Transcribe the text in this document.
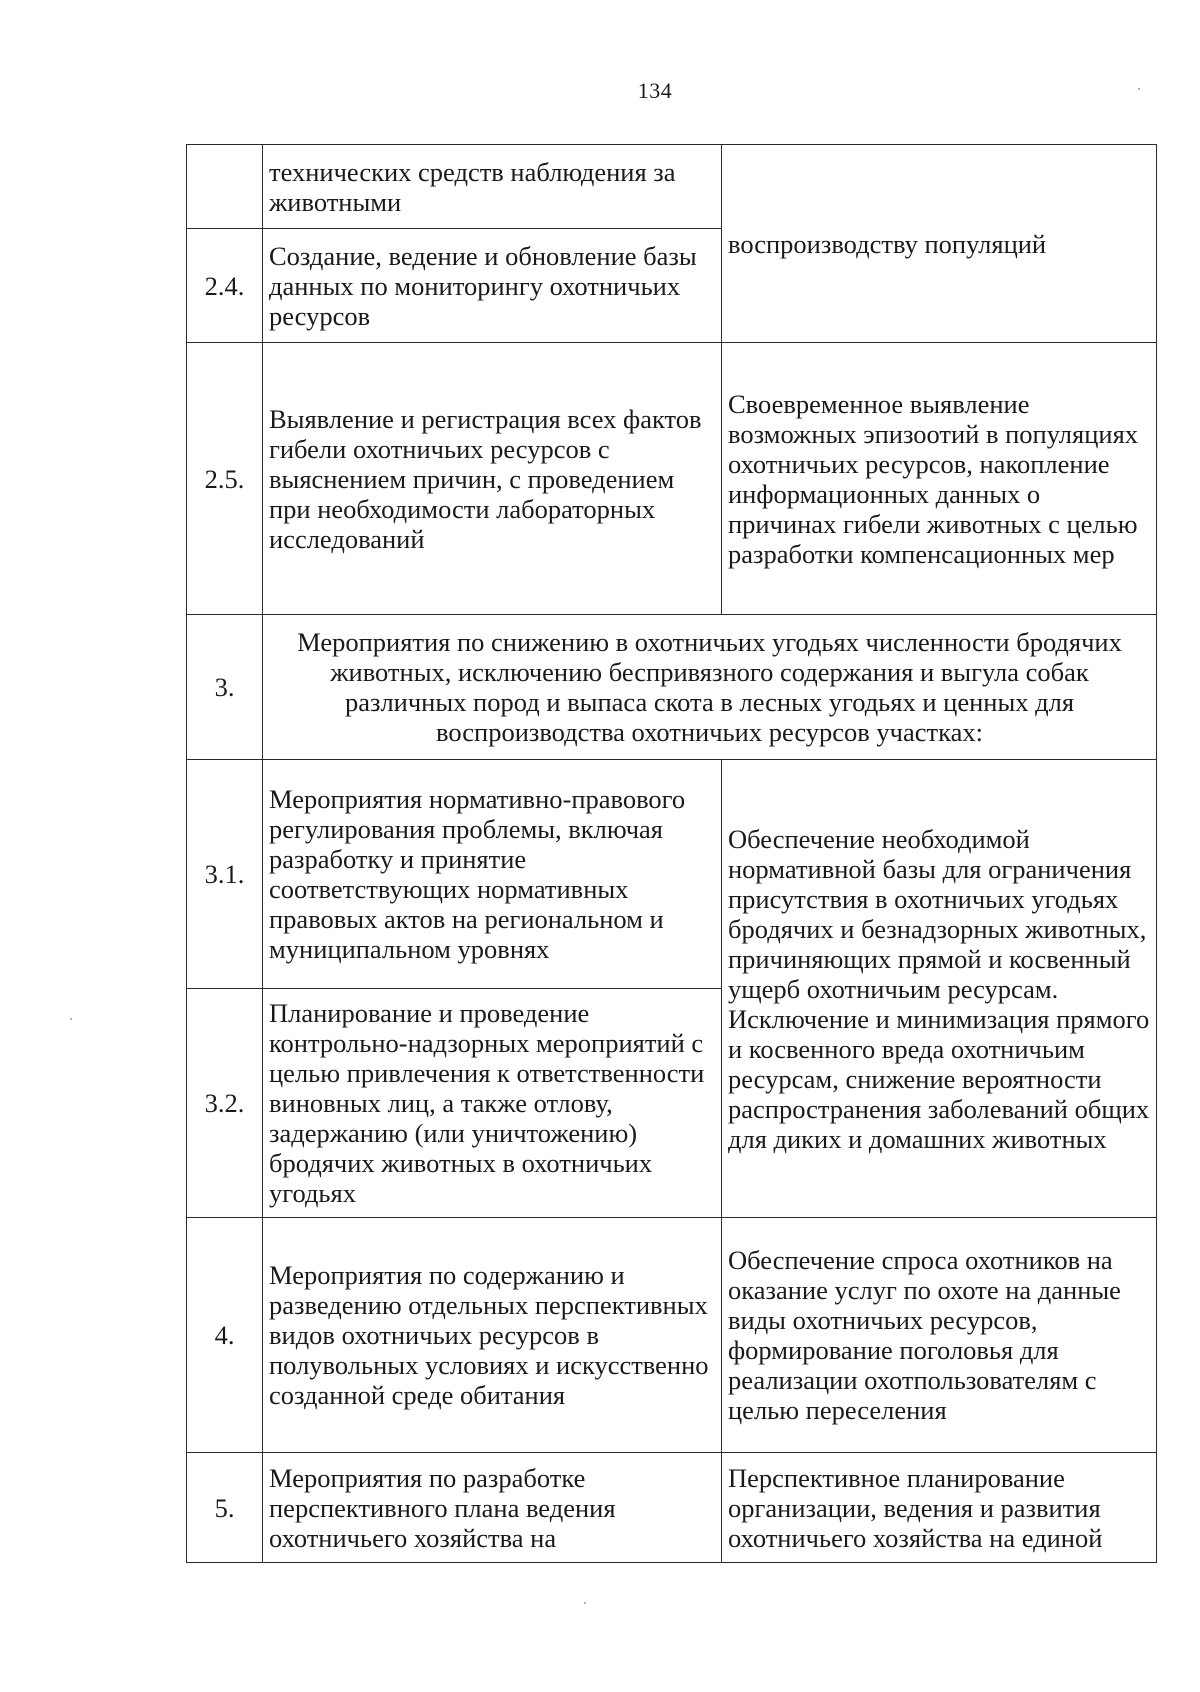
134
	технических средств наблюдения за животными	воспроизводству популяций
2.4.	Создание, ведение и обновление базы данных по мониторингу охотничьих ресурсов	
2.5.	Выявление и регистрация всех фактов гибели охотничьих ресурсов с выяснением причин, с проведением при необходимости лабораторных исследований	Своевременное выявление возможных эпизоотий в популяциях охотничьих ресурсов, накопление информационных данных о причинах гибели животных с целью разработки компенсационных мер
3.	Мероприятия по снижению в охотничьих угодьях численности бродячих животных, исключению беспривязного содержания и выгула собак различных пород и выпаса скота в лесных угодьях и ценных для воспроизводства охотничьих ресурсов участках:	
3.1.	Мероприятия нормативно-правового регулирования проблемы, включая разработку и принятие соответствующих нормативных правовых актов на региональном и муниципальном уровнях	Обеспечение необходимой нормативной базы для ограничения присутствия в охотничьих угодьях бродячих и безнадзорных животных, причиняющих прямой и косвенный ущерб охотничьим ресурсам. Исключение и минимизация прямого и косвенного вреда охотничьим ресурсам, снижение вероятности распространения заболеваний общих для диких и домашних животных
3.2.	Планирование и проведение контрольно-надзорных мероприятий с целью привлечения к ответственности виновных лиц, а также отлову, задержанию (или уничтожению) бродячих животных в охотничьих угодьях	
4.	Мероприятия по содержанию и разведению отдельных перспективных видов охотничьих ресурсов в полувольных условиях и искусственно созданной среде обитания	Обеспечение спроса охотников на оказание услуг по охоте на данные виды охотничьих ресурсов, формирование поголовья для реализации охотпользователям с целью переселения
5.	Мероприятия по разработке перспективного плана ведения охотничьего хозяйства на	Перспективное планирование организации, ведения и развития охотничьего хозяйства на единой
